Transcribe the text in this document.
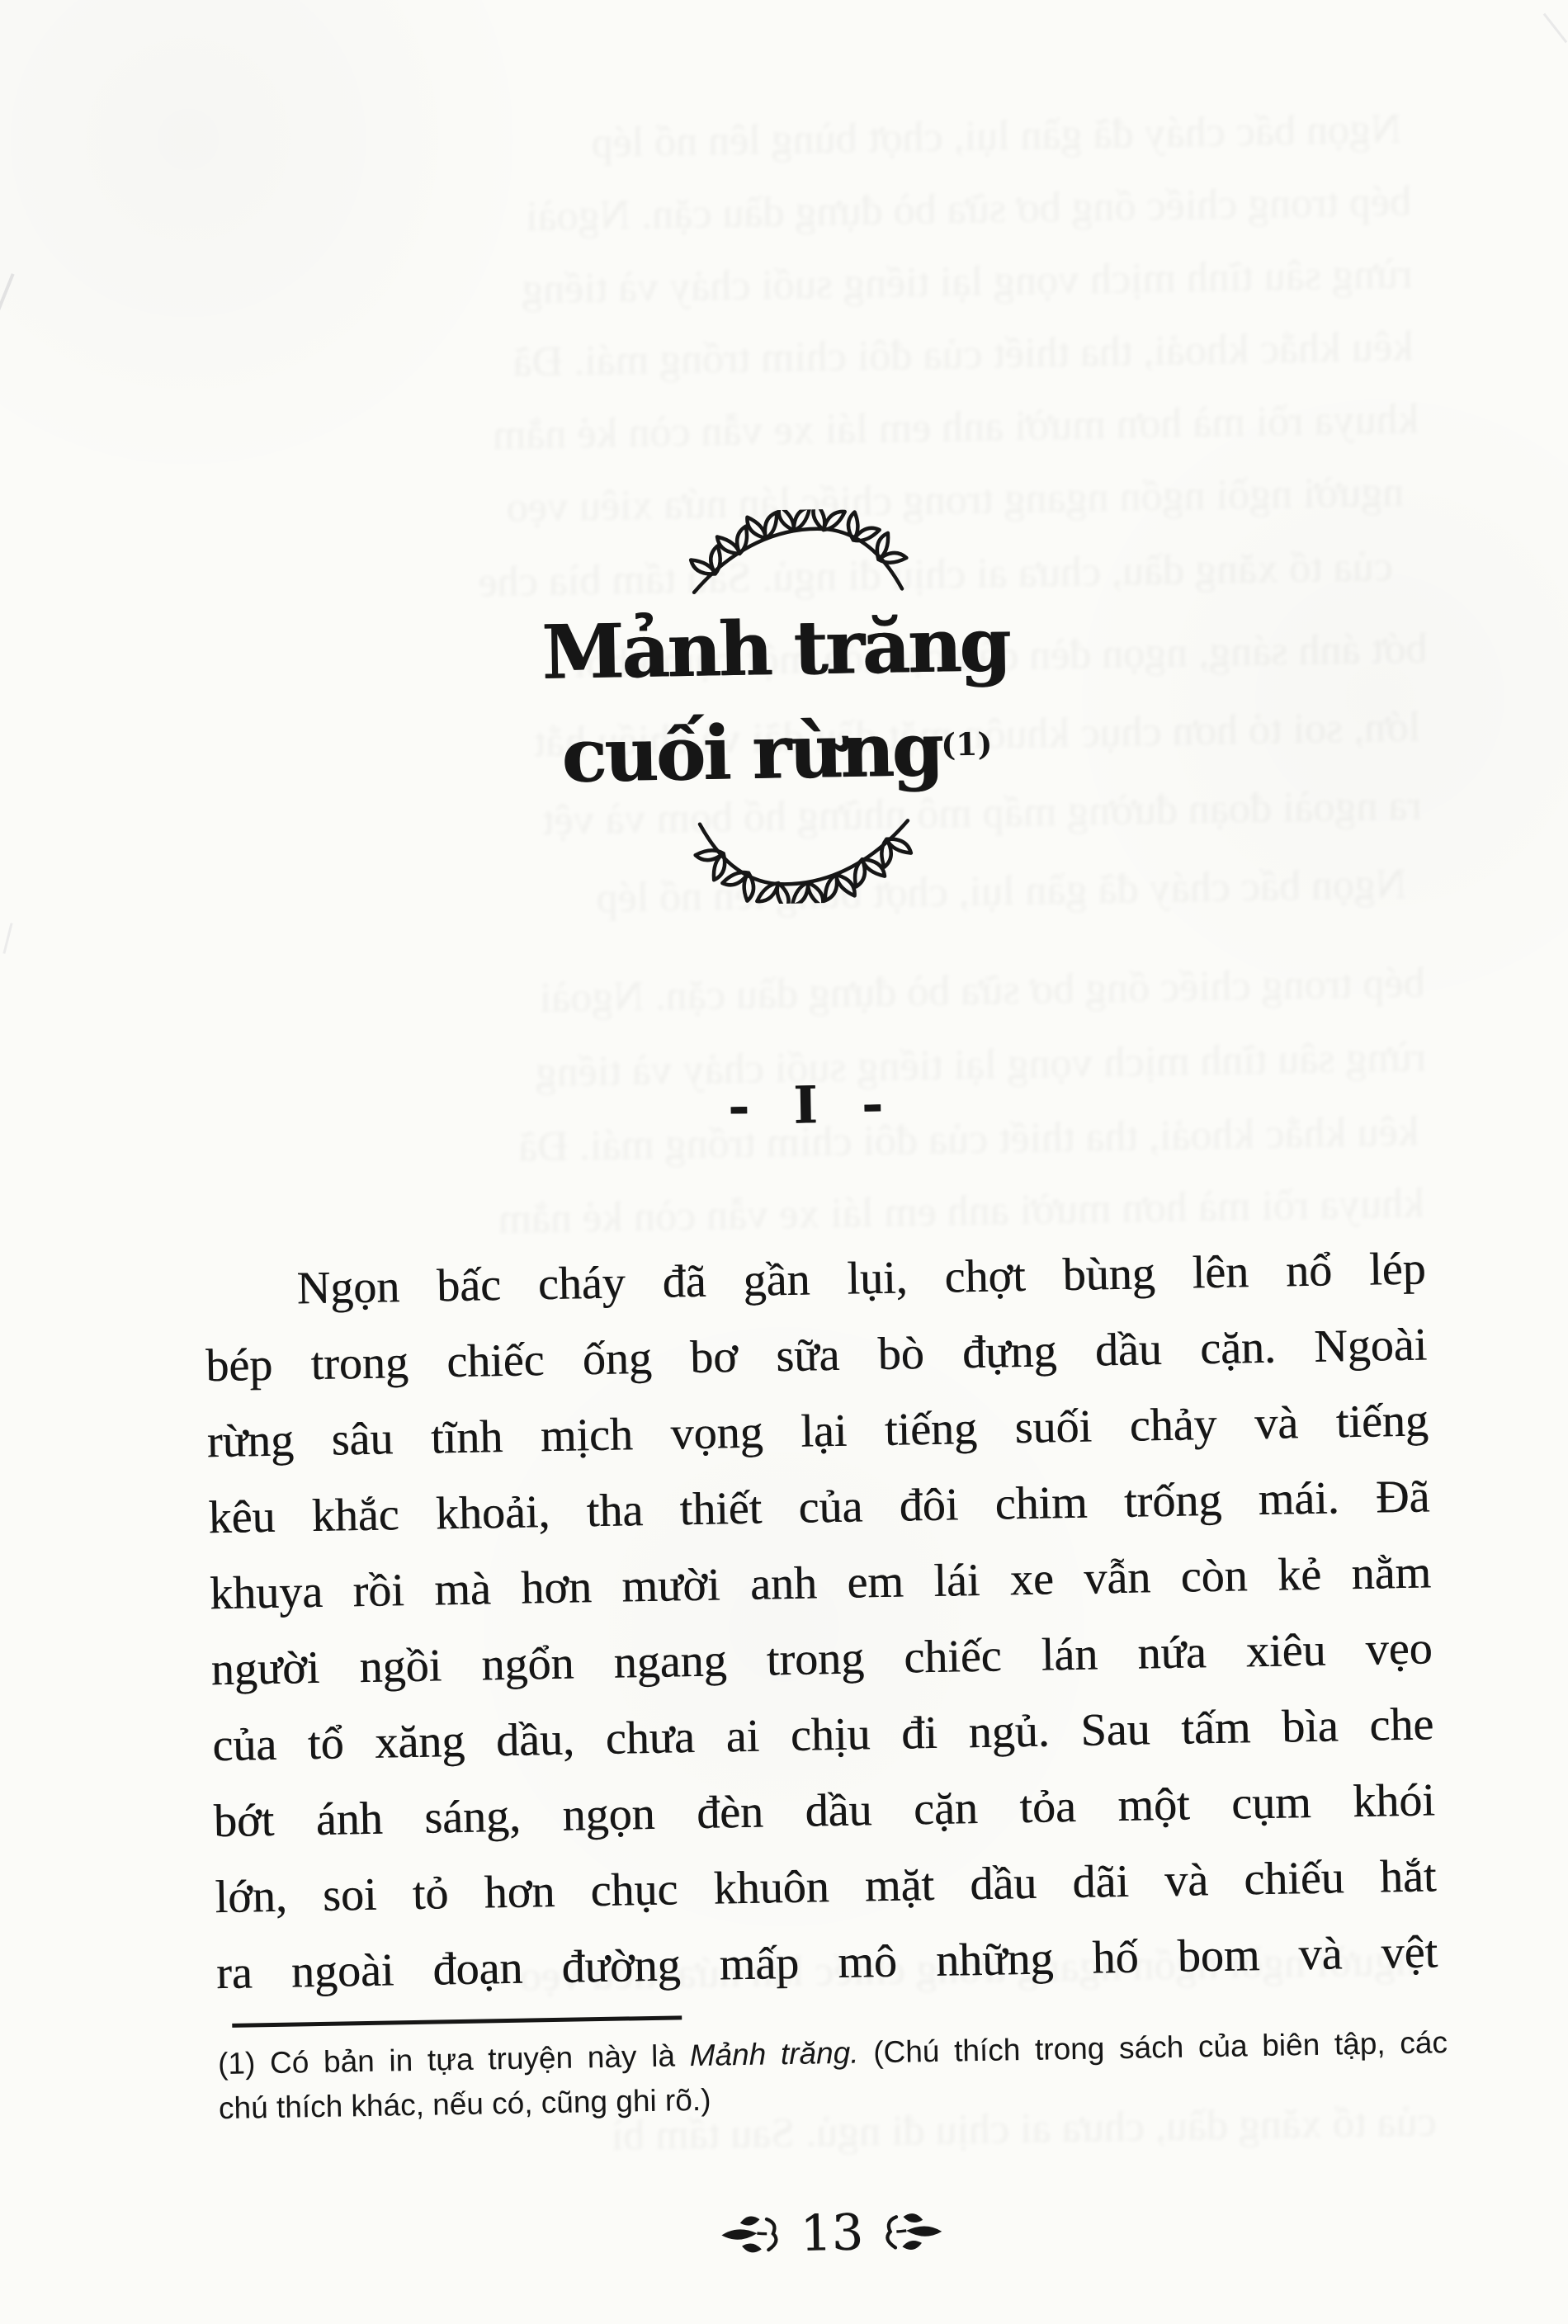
Mảnh trăng
cuối rừng$^{(1)}$
- I -
Ngọn bấc cháy đã gần lụi, chợt bùng lên nổ lép
bép trong chiếc ống bơ sữa bò đựng dầu cặn. Ngoài
rừng sâu tĩnh mịch vọng lại tiếng suối chảy và tiếng
kêu khắc khoải, tha thiết của đôi chim trống mái. Đã
khuya rồi mà hơn mười anh em lái xe vẫn còn kẻ nằm
người ngồi ngổn ngang trong chiếc lán nứa xiêu vẹo
của tổ xăng dầu, chưa ai chịu đi ngủ. Sau tấm bìa che
bớt ánh sáng, ngọn đèn dầu cặn tỏa một cụm khói
lớn, soi tỏ hơn chục khuôn mặt dầu dãi và chiếu hắt
ra ngoài đoạn đường mấp mô những hố bom và vệt
(1) Có bản in tựa truyện này là Mảnh trăng. (Chú thích trong sách của biên tập, các
chú thích khác, nếu có, cũng ghi rõ.)
13
